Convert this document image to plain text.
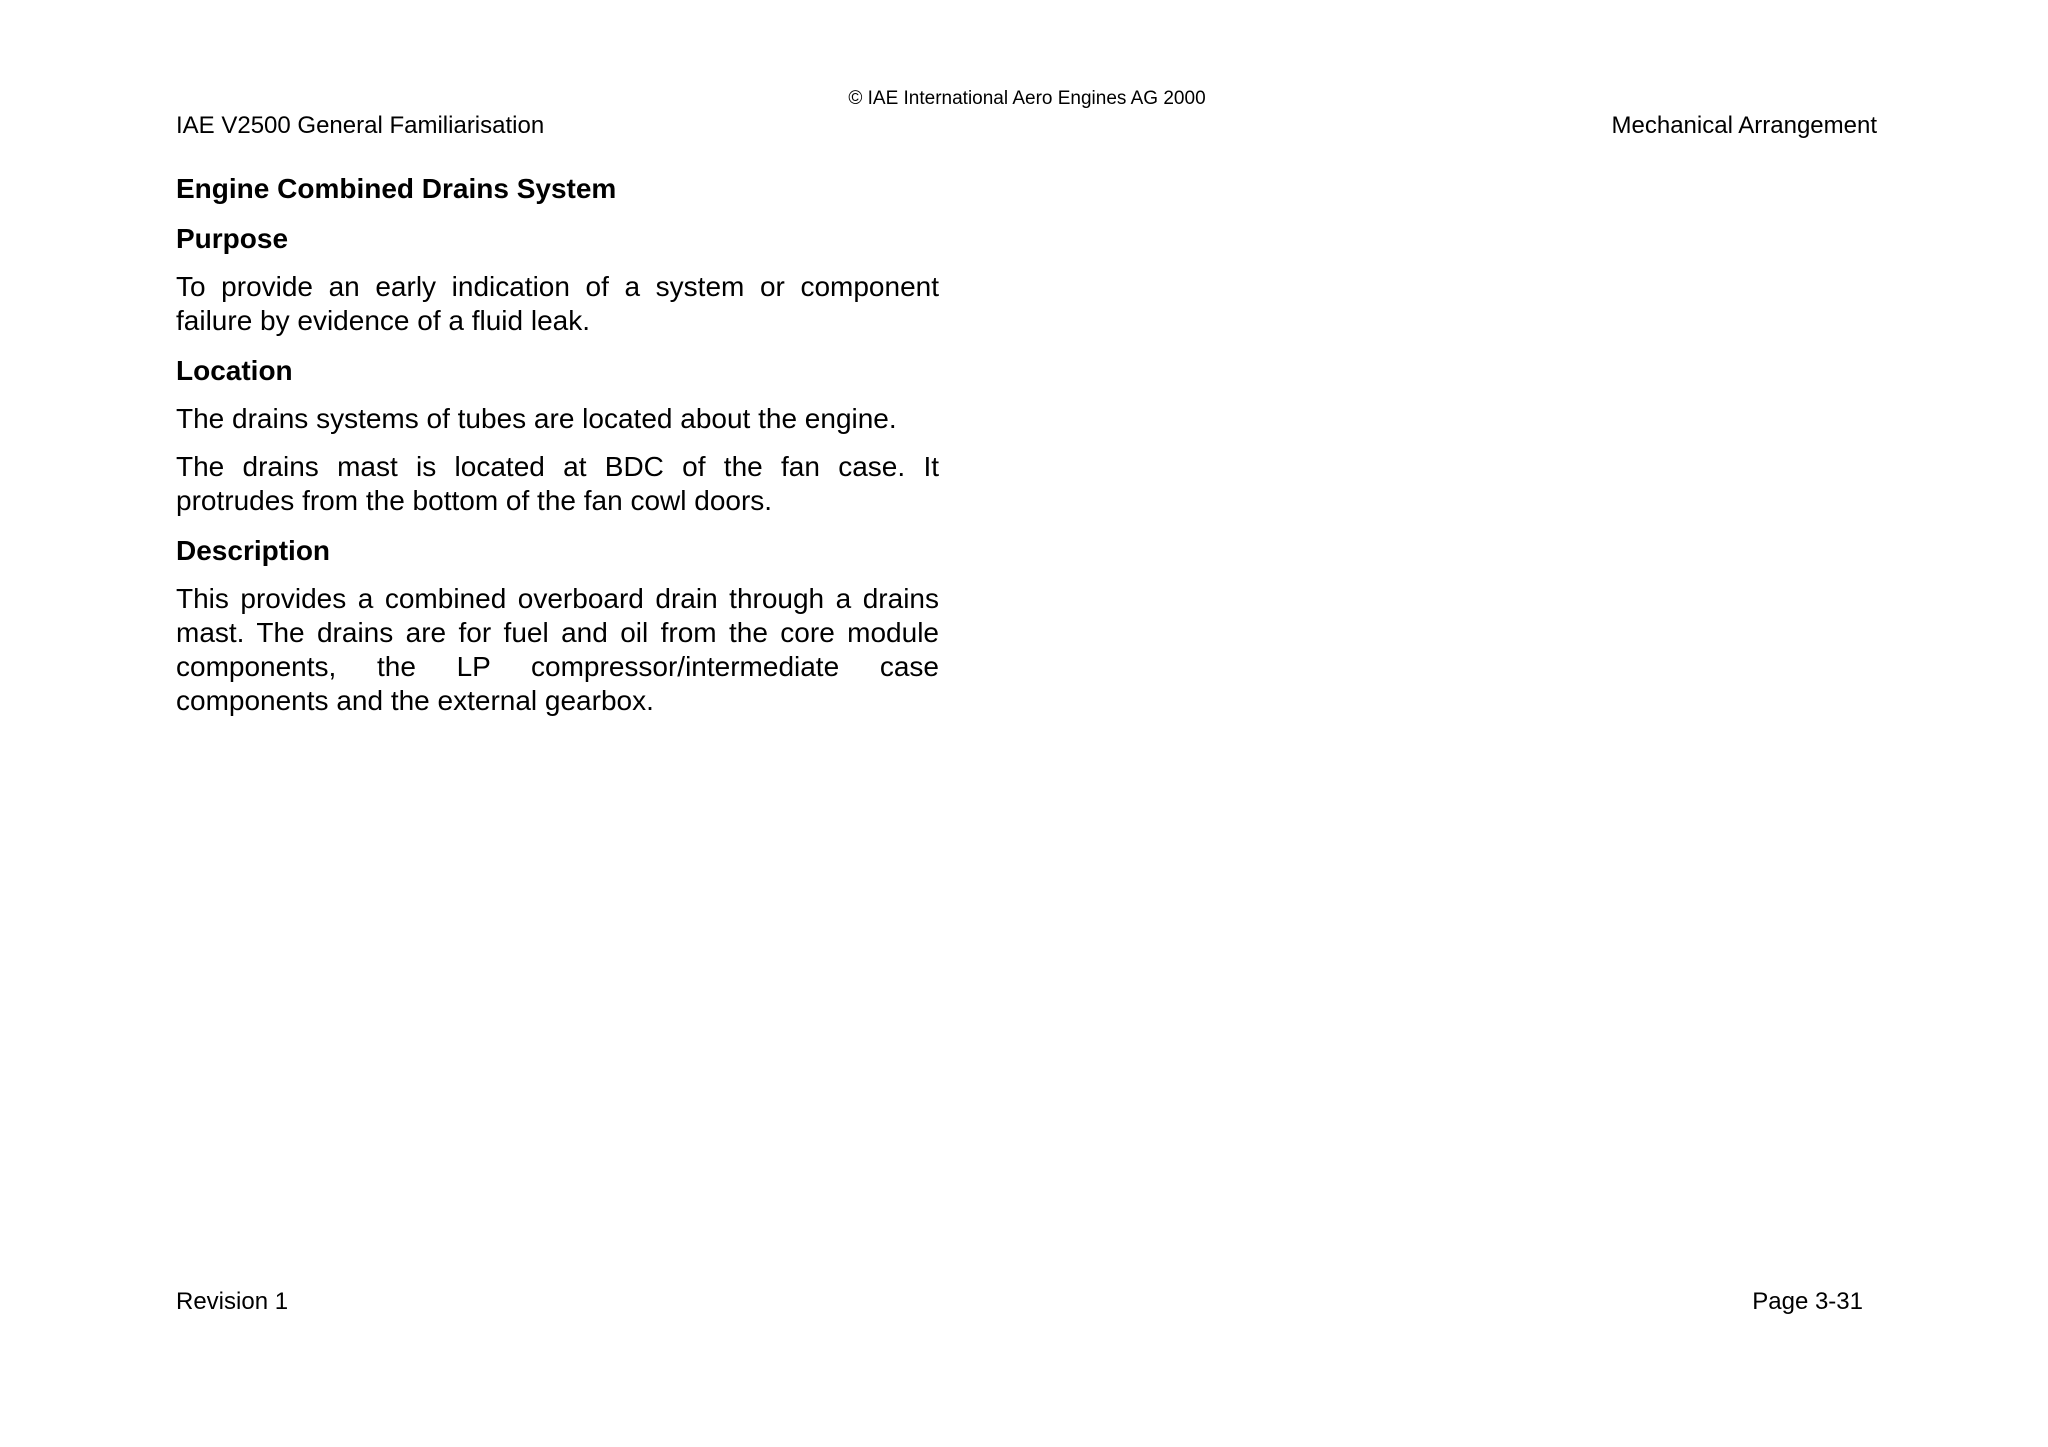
© IAE International Aero Engines AG 2000
IAE V2500 General Familiarisation	Mechanical Arrangement
Engine Combined Drains System
Purpose

To provide an early indication of a system or component failure by evidence of a fluid leak.

Location

The drains systems of tubes are located about the engine.

The drains mast is located at BDC of the fan case. It protrudes from the bottom of the fan cowl doors.

Description

This provides a combined overboard drain through a drains mast. The drains are for fuel and oil from the core module components, the LP compressor/intermediate case components and the external gearbox.

Revision 1	Page 3-31
